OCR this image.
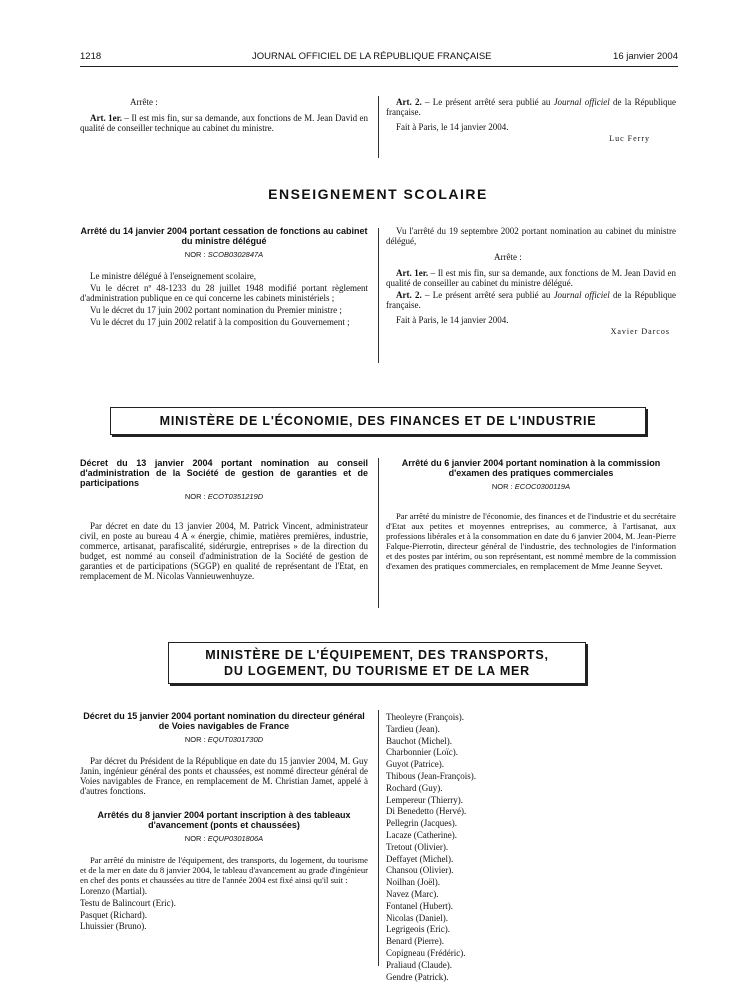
1218	JOURNAL OFFICIEL DE LA RÉPUBLIQUE FRANÇAISE	16 janvier 2004

Arrête :

Art. 1er. – Il est mis fin, sur sa demande, aux fonctions de M. Jean David en qualité de conseiller technique au cabinet du ministre.

Art. 2. – Le présent arrêté sera publié au Journal officiel de la République française.

Fait à Paris, le 14 janvier 2004.

Luc Ferry

ENSEIGNEMENT SCOLAIRE

Arrêté du 14 janvier 2004 portant cessation de fonctions au cabinet du ministre délégué

NOR : SCOB0302847A

Le ministre délégué à l'enseignement scolaire,

Vu le décret nº 48-1233 du 28 juillet 1948 modifié portant règlement d'administration publique en ce qui concerne les cabinets ministériels ;

Vu le décret du 17 juin 2002 portant nomination du Premier ministre ;

Vu le décret du 17 juin 2002 relatif à la composition du Gouvernement ;

Vu l'arrêté du 19 septembre 2002 portant nomination au cabinet du ministre délégué,

Arrête :

Art. 1er. – Il est mis fin, sur sa demande, aux fonctions de M. Jean David en qualité de conseiller au cabinet du ministre délégué.

Art. 2. – Le présent arrêté sera publié au Journal officiel de la République française.

Fait à Paris, le 14 janvier 2004.

Xavier Darcos

MINISTÈRE DE L'ÉCONOMIE, DES FINANCES ET DE L'INDUSTRIE

Décret du 13 janvier 2004 portant nomination au conseil d'administration de la Société de gestion de garanties et de participations

NOR : ECOT0351219D

Par décret en date du 13 janvier 2004, M. Patrick Vincent, administrateur civil, en poste au bureau 4 A « énergie, chimie, matières premières, industrie, commerce, artisanat, parafiscalité, sidérurgie, entreprises » de la direction du budget, est nommé au conseil d'administration de la Société de gestion de garanties et de participations (SGGP) en qualité de représentant de l'Etat, en remplacement de M. Nicolas Vannieuwenhuyze.

Arrêté du 6 janvier 2004 portant nomination à la commission d'examen des pratiques commerciales

NOR : ECOC0300119A

Par arrêté du ministre de l'économie, des finances et de l'industrie et du secrétaire d'Etat aux petites et moyennes entreprises, au commerce, à l'artisanat, aux professions libérales et à la consommation en date du 6 janvier 2004, M. Jean-Pierre Falque-Pierrotin, directeur général de l'industrie, des technologies de l'information et des postes par intérim, ou son représentant, est nommé membre de la commission d'examen des pratiques commerciales, en remplacement de Mme Jeanne Seyvet.

MINISTÈRE DE L'ÉQUIPEMENT, DES TRANSPORTS,
DU LOGEMENT, DU TOURISME ET DE LA MER

Décret du 15 janvier 2004 portant nomination du directeur général de Voies navigables de France

NOR : EQUT0301730D

Par décret du Président de la République en date du 15 janvier 2004, M. Guy Janin, ingénieur général des ponts et chaussées, est nommé directeur général de Voies navigables de France, en remplacement de M. Christian Jamet, appelé à d'autres fonctions.

Arrêtés du 8 janvier 2004 portant inscription à des tableaux d'avancement (ponts et chaussées)

NOR : EQUP0301806A

Par arrêté du ministre de l'équipement, des transports, du logement, du tourisme et de la mer en date du 8 janvier 2004, le tableau d'avancement au grade d'ingénieur en chef des ponts et chaussées au titre de l'année 2004 est fixé ainsi qu'il suit :

Lorenzo (Martial).
Testu de Balincourt (Eric).
Pasquet (Richard).
Lhuissier (Bruno).
Theoleyre (François).
Tardieu (Jean).
Bauchot (Michel).
Charbonnier (Loïc).
Guyot (Patrice).
Thibous (Jean-François).
Rochard (Guy).
Lempereur (Thierry).
Di Benedetto (Hervé).
Pellegrin (Jacques).
Lacaze (Catherine).
Tretout (Olivier).
Deffayet (Michel).
Chansou (Olivier).
Noilhan (Joël).
Navez (Marc).
Fontanel (Hubert).
Nicolas (Daniel).
Legrigeois (Eric).
Benard (Pierre).
Copigneau (Frédéric).
Praliaud (Claude).
Gendre (Patrick).
